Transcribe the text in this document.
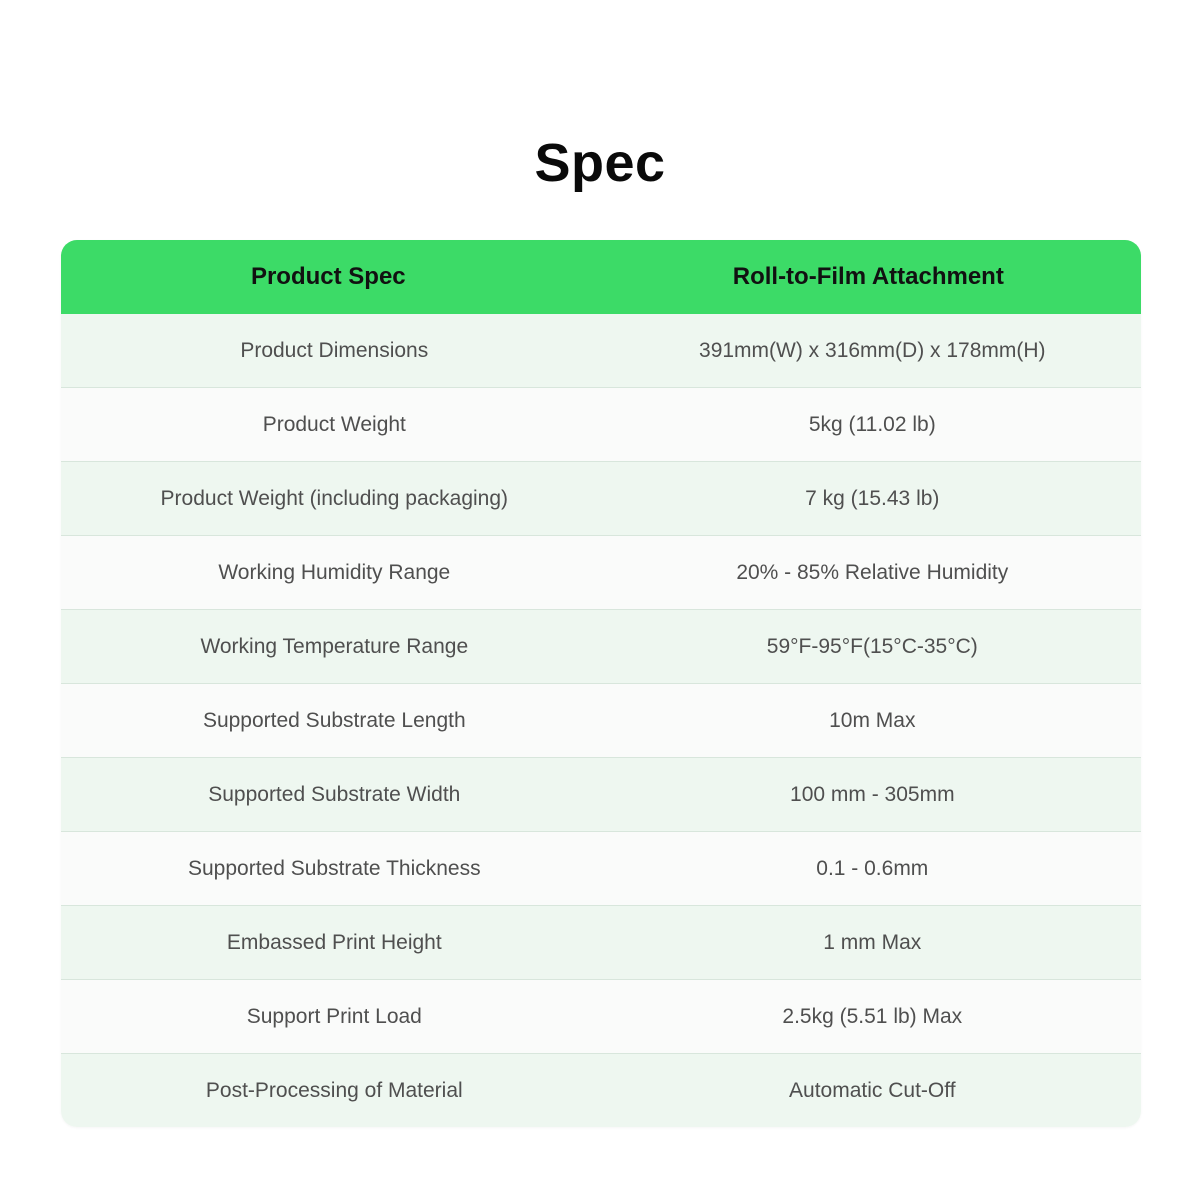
Spec
Product Spec	Roll-to-Film Attachment
Product Dimensions	391mm(W) x 316mm(D) x 178mm(H)
Product Weight	5kg (11.02 lb)
Product Weight (including packaging)	7 kg (15.43 lb)
Working Humidity Range	20% - 85% Relative Humidity
Working Temperature Range	59°F-95°F(15°C-35°C)
Supported Substrate Length	10m Max
Supported Substrate Width	100 mm - 305mm
Supported Substrate Thickness	0.1 - 0.6mm
Embassed Print Height	1 mm Max
Support Print Load	2.5kg (5.51 lb) Max
Post-Processing of Material	Automatic Cut-Off
